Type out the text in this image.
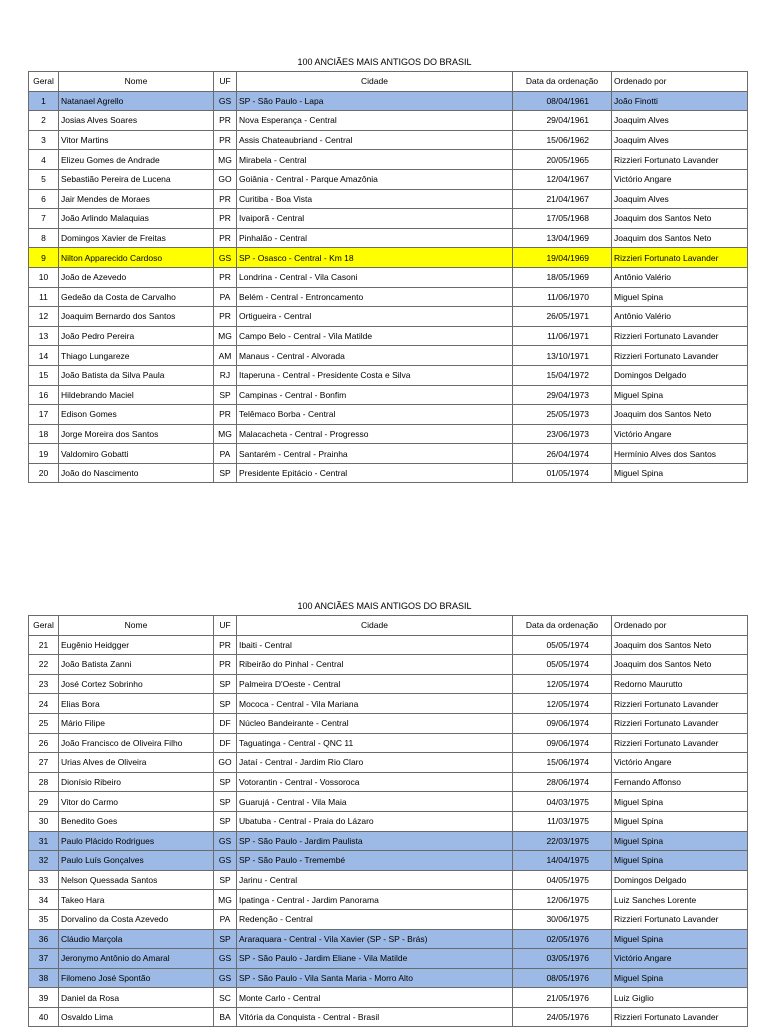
100 ANCIÃES MAIS ANTIGOS DO BRASIL
Geral	Nome	UF	Cidade	Data da ordenação	Ordenado por
1	Natanael Agrello	GS	SP - São Paulo - Lapa	08/04/1961	João Finotti
2	Josias Alves Soares	PR	Nova Esperança - Central	29/04/1961	Joaquim Alves
3	Vitor Martins	PR	Assis Chateaubriand - Central	15/06/1962	Joaquim Alves
4	Elizeu Gomes de Andrade	MG	Mirabela - Central	20/05/1965	Rizzieri Fortunato Lavander
5	Sebastião Pereira de Lucena	GO	Goiânia - Central - Parque Amazônia	12/04/1967	Victório Angare
6	Jair Mendes de Moraes	PR	Curitiba - Boa Vista	21/04/1967	Joaquim Alves
7	João Arlindo Malaquias	PR	Ivaiporã - Central	17/05/1968	Joaquim dos Santos Neto
8	Domingos Xavier de Freitas	PR	Pinhalão - Central	13/04/1969	Joaquim dos Santos Neto
9	Nilton Apparecido Cardoso	GS	SP - Osasco - Central - Km 18	19/04/1969	Rizzieri Fortunato Lavander
10	João de Azevedo	PR	Londrina - Central - Vila Casoni	18/05/1969	Antônio Valério
11	Gedeão da Costa de Carvalho	PA	Belém - Central - Entroncamento	11/06/1970	Miguel Spina
12	Joaquim Bernardo dos Santos	PR	Ortigueira - Central	26/05/1971	Antônio Valério
13	João Pedro Pereira	MG	Campo Belo - Central - Vila Matilde	11/06/1971	Rizzieri Fortunato Lavander
14	Thiago Lungareze	AM	Manaus - Central - Alvorada	13/10/1971	Rizzieri Fortunato Lavander
15	João Batista da Silva Paula	RJ	Itaperuna - Central - Presidente Costa e Silva	15/04/1972	Domingos Delgado
16	Hildebrando Maciel	SP	Campinas - Central - Bonfim	29/04/1973	Miguel Spina
17	Edison Gomes	PR	Telêmaco Borba - Central	25/05/1973	Joaquim dos Santos Neto
18	Jorge Moreira dos Santos	MG	Malacacheta - Central - Progresso	23/06/1973	Victório Angare
19	Valdomiro Gobatti	PA	Santarém - Central - Prainha	26/04/1974	Hermínio Alves dos Santos
20	João do Nascimento	SP	Presidente Epitácio - Central	01/05/1974	Miguel Spina
100 ANCIÃES MAIS ANTIGOS DO BRASIL
Geral	Nome	UF	Cidade	Data da ordenação	Ordenado por
21	Eugênio Heidgger	PR	Ibaiti - Central	05/05/1974	Joaquim dos Santos Neto
22	João Batista Zanni	PR	Ribeirão do Pinhal - Central	05/05/1974	Joaquim dos Santos Neto
23	José Cortez Sobrinho	SP	Palmeira D'Oeste - Central	12/05/1974	Redorno Maurutto
24	Elias Bora	SP	Mococa - Central - Vila Mariana	12/05/1974	Rizzieri Fortunato Lavander
25	Mário Filipe	DF	Núcleo Bandeirante - Central	09/06/1974	Rizzieri Fortunato Lavander
26	João Francisco de Oliveira Filho	DF	Taguatinga - Central - QNC 11	09/06/1974	Rizzieri Fortunato Lavander
27	Urias Alves de Oliveira	GO	Jataí - Central - Jardim Rio Claro	15/06/1974	Victório Angare
28	Dionísio Ribeiro	SP	Votorantin - Central - Vossoroca	28/06/1974	Fernando Affonso
29	Vitor do Carmo	SP	Guarujá - Central - Vila Maia	04/03/1975	Miguel Spina
30	Benedito Goes	SP	Ubatuba - Central - Praia do Lázaro	11/03/1975	Miguel Spina
31	Paulo Plácido Rodrigues	GS	SP - São Paulo - Jardim Paulista	22/03/1975	Miguel Spina
32	Paulo Luís Gonçalves	GS	SP - São Paulo - Tremembé	14/04/1975	Miguel Spina
33	Nelson Quessada Santos	SP	Jarinu - Central	04/05/1975	Domingos Delgado
34	Takeo Hara	MG	Ipatinga - Central - Jardim Panorama	12/06/1975	Luiz Sanches Lorente
35	Dorvalino da Costa Azevedo	PA	Redenção - Central	30/06/1975	Rizzieri Fortunato Lavander
36	Cláudio Marçola	SP	Araraquara - Central - Vila Xavier (SP - SP - Brás)	02/05/1976	Miguel Spina
37	Jeronymo Antônio do Amaral	GS	SP - São Paulo - Jardim Eliane - Vila Matilde	03/05/1976	Victório Angare
38	Filomeno José Spontão	GS	SP - São Paulo - Vila Santa Maria - Morro Alto	08/05/1976	Miguel Spina
39	Daniel da Rosa	SC	Monte Carlo - Central	21/05/1976	Luiz Giglio
40	Osvaldo Lima	BA	Vitória da Conquista - Central - Brasil	24/05/1976	Rizzieri Fortunato Lavander
